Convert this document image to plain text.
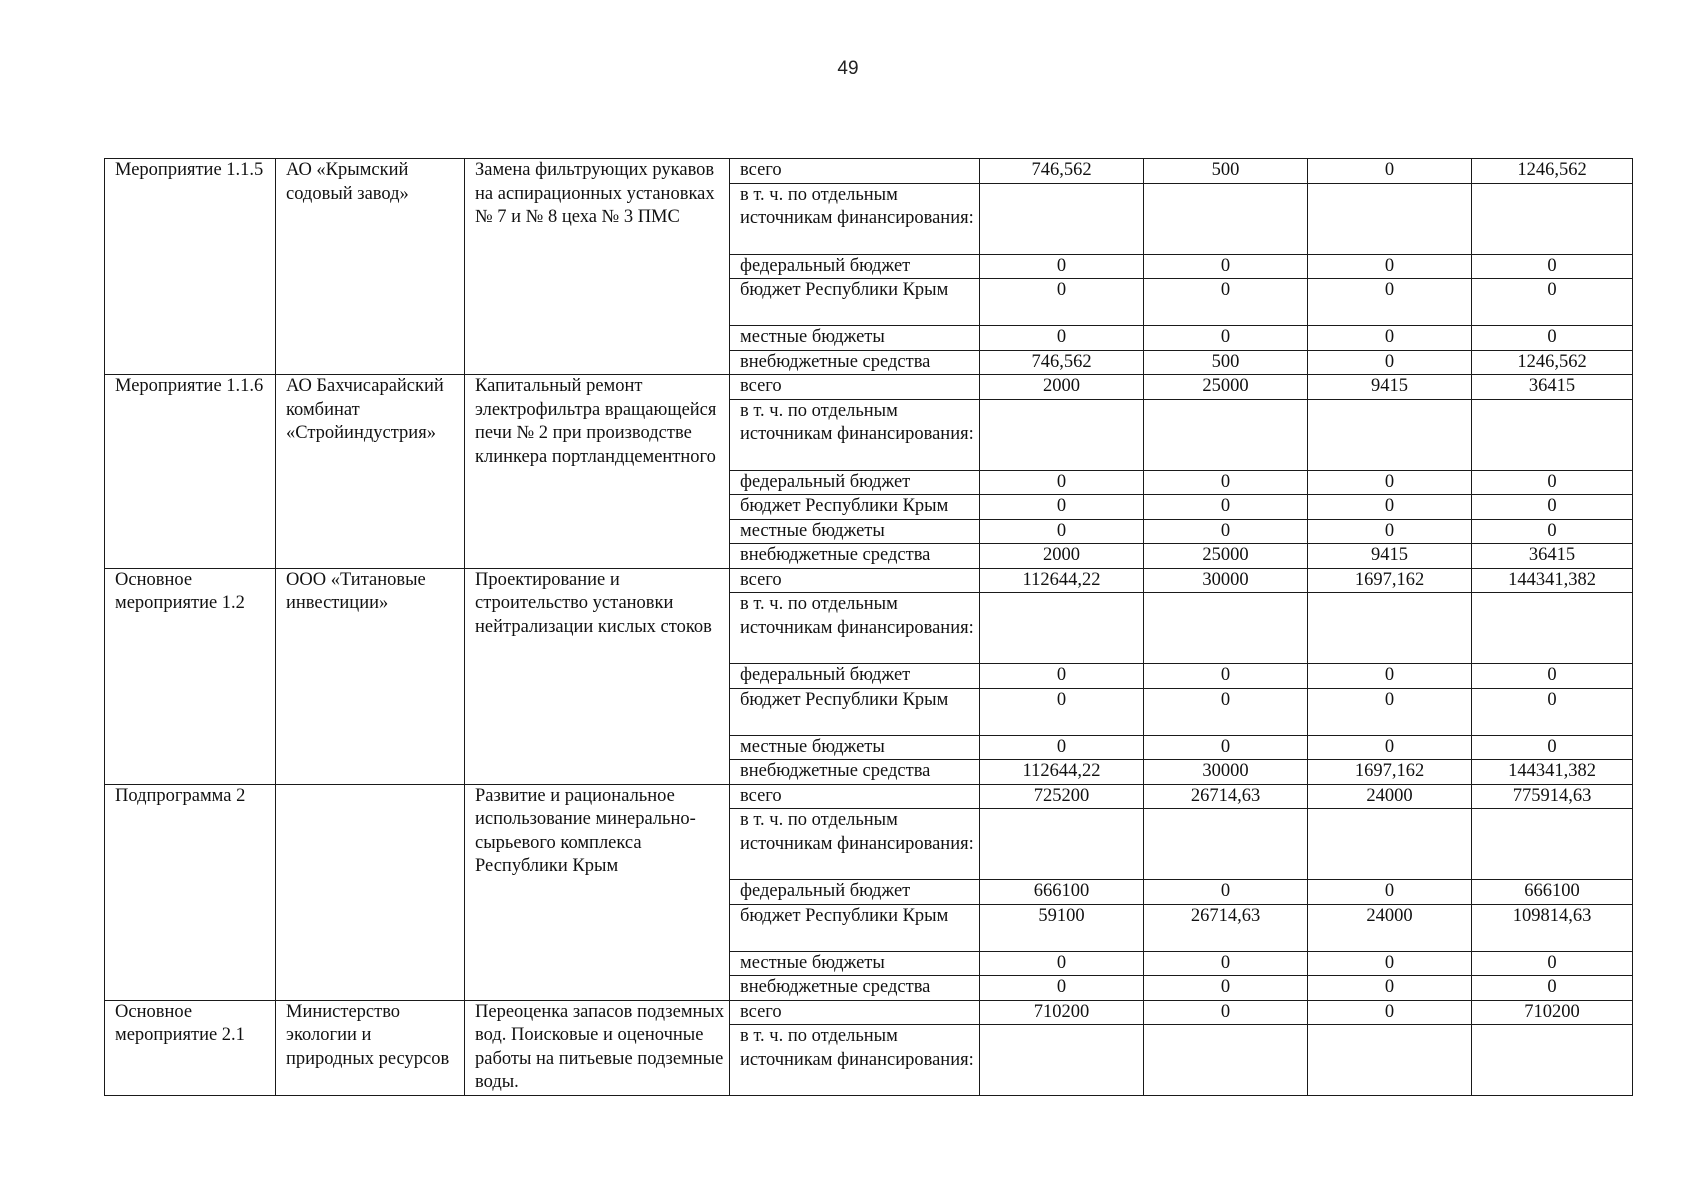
49
Мероприятие 1.1.5	АО «Крымский содовый завод»	Замена фильтрующих рукавов на аспирационных установках № 7 и № 8 цеха № 3 ПМС	всего	746,562	500	0	1246,562
			в т. ч. по отдельным источникам финансирования:				
			федеральный бюджет	0	0	0	0
			бюджет Республики Крым	0	0	0	0
			местные бюджеты	0	0	0	0
			внебюджетные средства	746,562	500	0	1246,562
Мероприятие 1.1.6	АО Бахчисарайский комбинат «Стройиндустрия»	Капитальный ремонт электрофильтра вращающейся печи № 2 при производстве клинкера портландцементного	всего	2000	25000	9415	36415
			в т. ч. по отдельным источникам финансирования:				
			федеральный бюджет	0	0	0	0
			бюджет Республики Крым	0	0	0	0
			местные бюджеты	0	0	0	0
			внебюджетные средства	2000	25000	9415	36415
Основное мероприятие 1.2	ООО «Титановые инвестиции»	Проектирование и строительство установки нейтрализации кислых стоков	всего	112644,22	30000	1697,162	144341,382
			в т. ч. по отдельным источникам финансирования:				
			федеральный бюджет	0	0	0	0
			бюджет Республики Крым	0	0	0	0
			местные бюджеты	0	0	0	0
			внебюджетные средства	112644,22	30000	1697,162	144341,382
Подпрограмма 2		Развитие и рациональное использование минерально-сырьевого комплекса Республики Крым	всего	725200	26714,63	24000	775914,63
			в т. ч. по отдельным источникам финансирования:				
			федеральный бюджет	666100	0	0	666100
			бюджет Республики Крым	59100	26714,63	24000	109814,63
			местные бюджеты	0	0	0	0
			внебюджетные средства	0	0	0	0
Основное мероприятие 2.1	Министерство экологии и природных ресурсов	Переоценка запасов подземных вод. Поисковые и оценочные работы на питьевые подземные воды.	всего	710200	0	0	710200
			в т. ч. по отдельным источникам финансирования:				
